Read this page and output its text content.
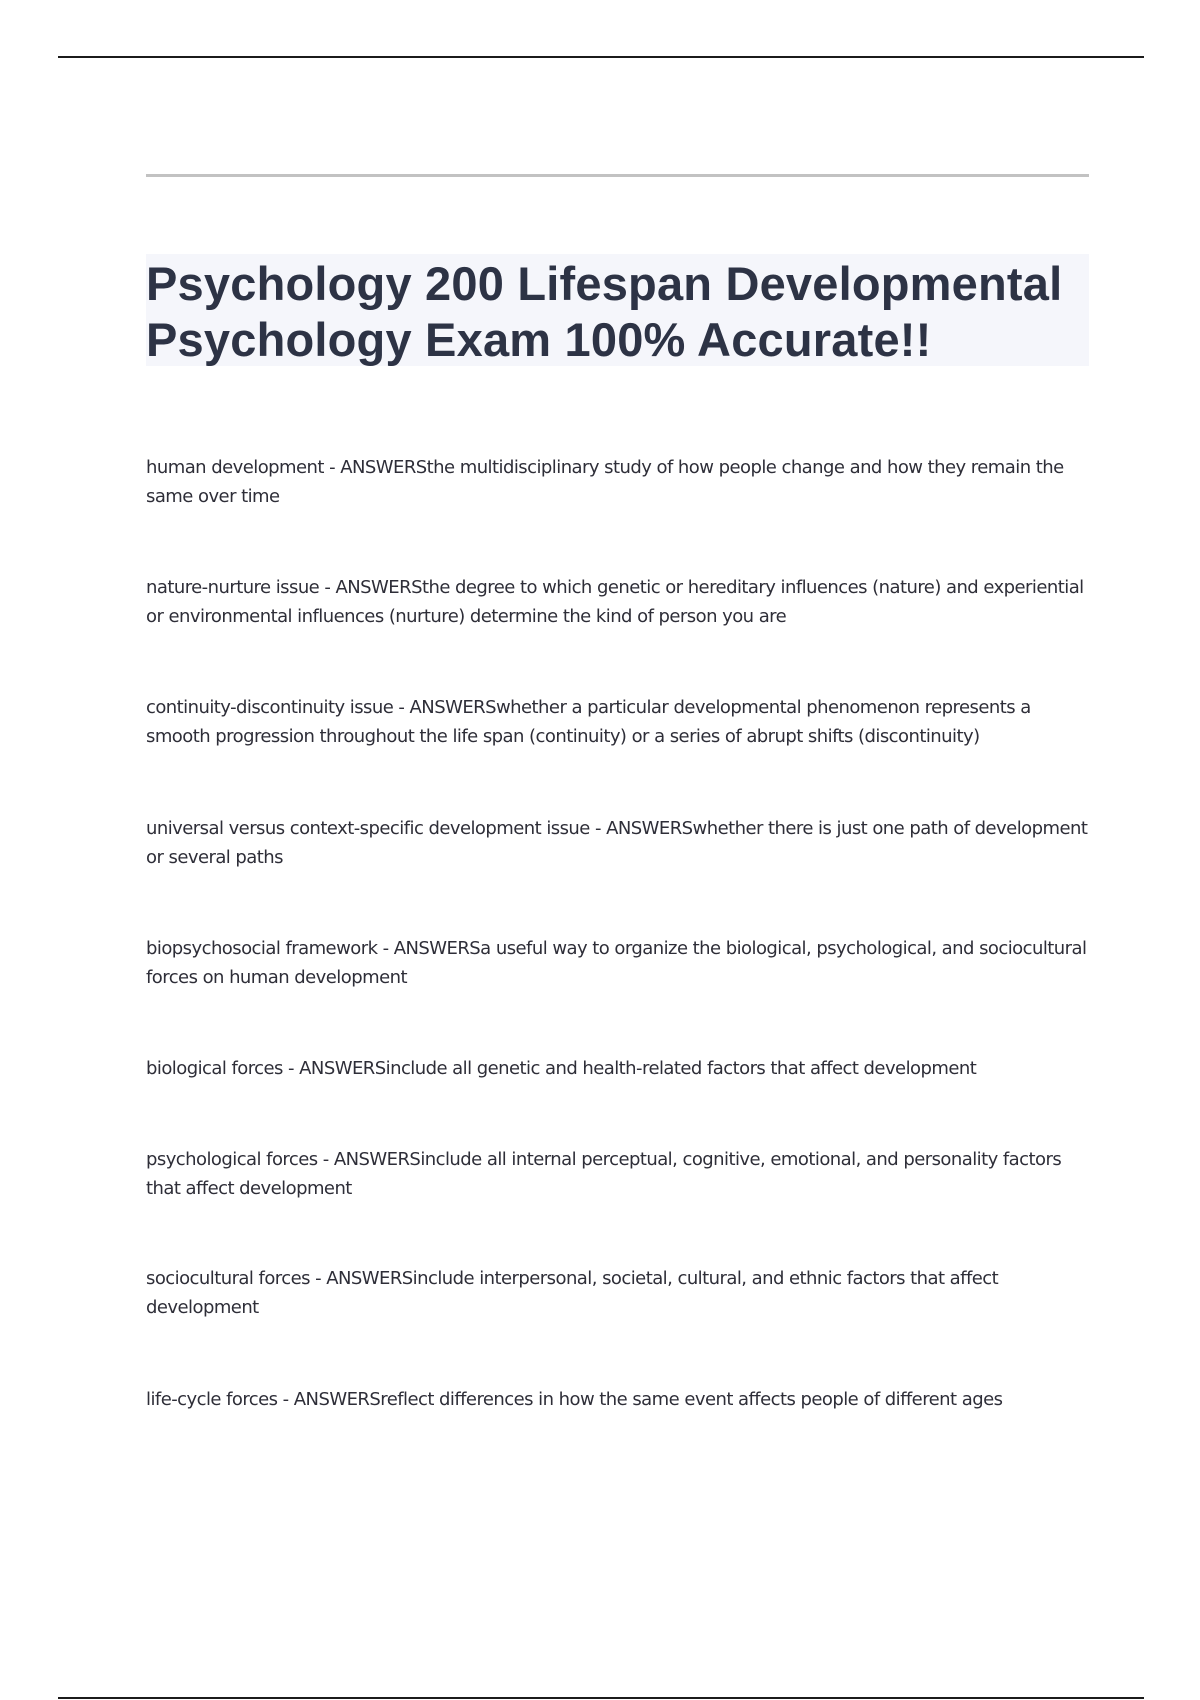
Psychology 200 Lifespan Developmental

Psychology Exam 100% Accurate!!

human development - ANSWERSthe multidisciplinary study of how people change and how they remain the same over time

nature-nurture issue - ANSWERSthe degree to which genetic or hereditary influences (nature) and experiential or environmental influences (nurture) determine the kind of person you are

continuity-discontinuity issue - ANSWERSwhether a particular developmental phenomenon represents a smooth progression throughout the life span (continuity) or a series of abrupt shifts (discontinuity)

universal versus context-specific development issue - ANSWERSwhether there is just one path of development or several paths

biopsychosocial framework - ANSWERSa useful way to organize the biological, psychological, and sociocultural forces on human development

biological forces - ANSWERSinclude all genetic and health-related factors that affect development

psychological forces - ANSWERSinclude all internal perceptual, cognitive, emotional, and personality factors that affect development

sociocultural forces - ANSWERSinclude interpersonal, societal, cultural, and ethnic factors that affect development

life-cycle forces - ANSWERSreflect differences in how the same event affects people of different ages
